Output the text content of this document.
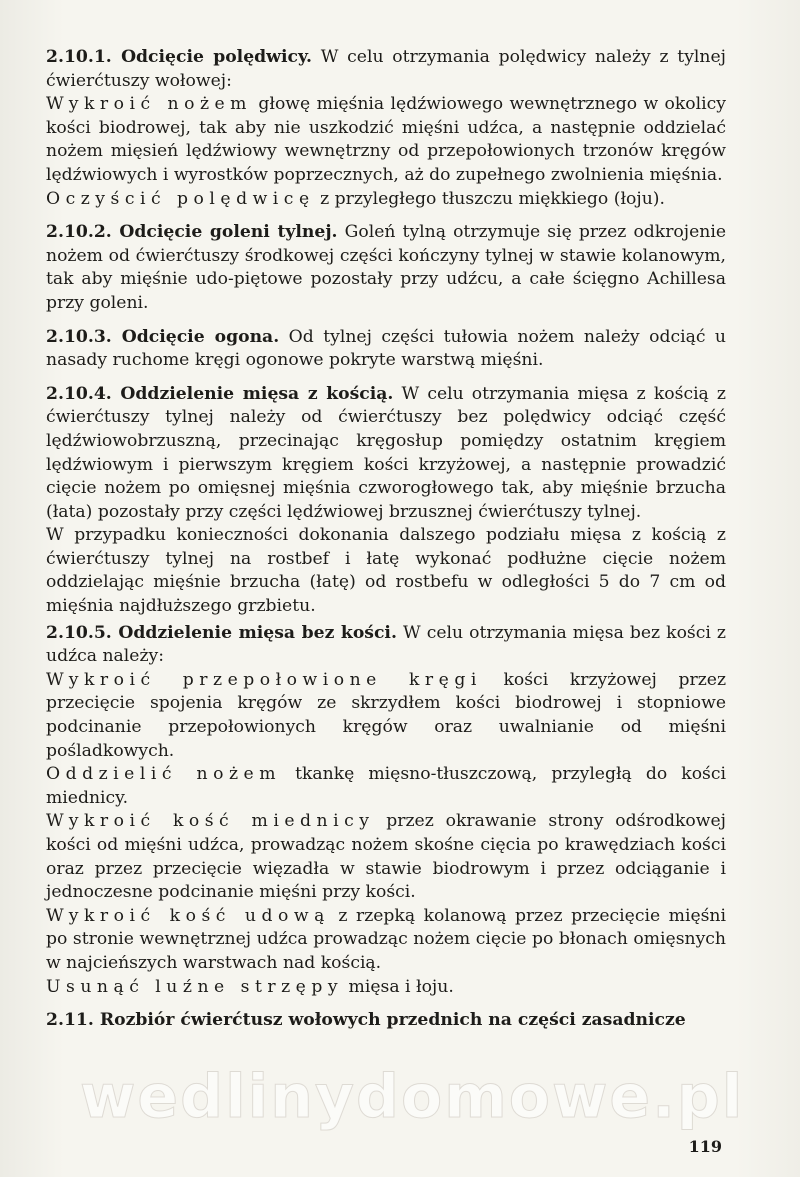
2.10.1. Odcięcie polędwicy. W celu otrzymania polędwicy należy z tylnej ćwierćtuszy wołowej:

Wykroić nożem głowę mięśnia lędźwiowego wewnętrznego w okolicy kości biodrowej, tak aby nie uszkodzić mięśni udźca, a następnie oddzielać nożem mięsień lędźwiowy wewnętrzny od przepołowionych trzonów kręgów lędźwiowych i wyrostków poprzecznych, aż do zupełnego zwolnienia mięśnia.

Oczyścić polędwicę z przyległego tłuszczu miękkiego (łoju).

2.10.2. Odcięcie goleni tylnej. Goleń tylną otrzymuje się przez odkrojenie nożem od ćwierćtuszy środkowej części kończyny tylnej w stawie kolanowym, tak aby mięśnie udo-piętowe pozostały przy udźcu, a całe ścięgno Achillesa przy goleni.

2.10.3. Odcięcie ogona. Od tylnej części tułowia nożem należy odciąć u nasady ruchome kręgi ogonowe pokryte warstwą mięśni.

2.10.4. Oddzielenie mięsa z kością. W celu otrzymania mięsa z kością z ćwierćtuszy tylnej należy od ćwierćtuszy bez polędwicy odciąć część lędźwiowobrzuszną, przecinając kręgosłup pomiędzy ostatnim kręgiem lędźwiowym i pierwszym kręgiem kości krzyżowej, a następnie prowadzić cięcie nożem po omięsnej mięśnia czworogłowego tak, aby mięśnie brzucha (łata) pozostały przy części lędźwiowej brzusznej ćwierćtuszy tylnej.

W przypadku konieczności dokonania dalszego podziału mięsa z kością z ćwierćtuszy tylnej na rostbef i łatę wykonać podłużne cięcie nożem oddzielając mięśnie brzucha (łatę) od rostbefu w odległości 5 do 7 cm od mięśnia najdłuższego grzbietu.

2.10.5. Oddzielenie mięsa bez kości. W celu otrzymania mięsa bez kości z udźca należy:

Wykroić przepołowione kręgi kości krzyżowej przez przecięcie spojenia kręgów ze skrzydłem kości biodrowej i stopniowe podcinanie przepołowionych kręgów oraz uwalnianie od mięśni pośladkowych.

Oddzielić nożem tkankę mięsno-tłuszczową, przyległą do kości miednicy.

Wykroić kość miednicy przez okrawanie strony odśrodkowej kości od mięśni udźca, prowadząc nożem skośne cięcia po krawędziach kości oraz przez przecięcie więzadła w stawie biodrowym i przez odciąganie i jednoczesne podcinanie mięśni przy kości.

Wykroić kość udową z rzepką kolanową przez przecięcie mięśni po stronie wewnętrznej udźca prowadząc nożem cięcie po błonach omięsnych w najcieńszych warstwach nad kością.

Usunąć luźne strzępy mięsa i łoju.

2.11. Rozbiór ćwierćtusz wołowych przednich na części zasadnicze

wedlinydomowe.pl
119
